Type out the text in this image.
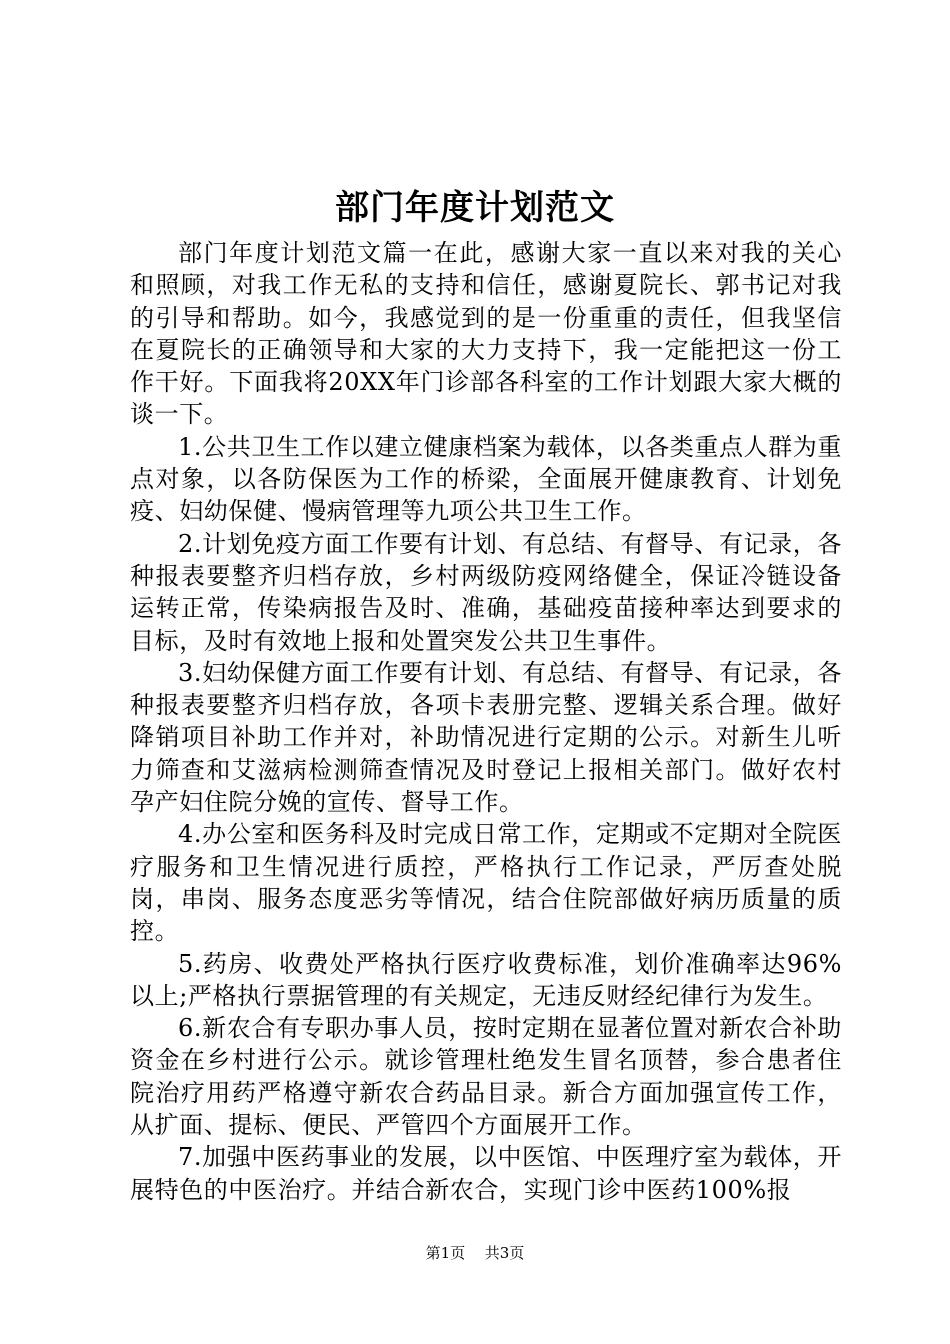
部门年度计划范文

部门年度计划范文篇一在此，感谢大家一直以来对我的关心和照顾，对我工作无私的支持和信任，感谢夏院长、郭书记对我的引导和帮助。如今，我感觉到的是一份重重的责任，但我坚信在夏院长的正确领导和大家的大力支持下，我一定能把这一份工作干好。下面我将20XX年门诊部各科室的工作计划跟大家大概的谈一下。

1.公共卫生工作以建立健康档案为载体，以各类重点人群为重点对象，以各防保医为工作的桥梁，全面展开健康教育、计划免疫、妇幼保健、慢病管理等九项公共卫生工作。

2.计划免疫方面工作要有计划、有总结、有督导、有记录，各种报表要整齐归档存放，乡村两级防疫网络健全，保证冷链设备运转正常，传染病报告及时、准确，基础疫苗接种率达到要求的目标，及时有效地上报和处置突发公共卫生事件。

3.妇幼保健方面工作要有计划、有总结、有督导、有记录，各种报表要整齐归档存放，各项卡表册完整、逻辑关系合理。做好降销项目补助工作并对，补助情况进行定期的公示。对新生儿听力筛查和艾滋病检测筛查情况及时登记上报相关部门。做好农村孕产妇住院分娩的宣传、督导工作。

4.办公室和医务科及时完成日常工作，定期或不定期对全院医疗服务和卫生情况进行质控，严格执行工作记录，严厉查处脱岗，串岗、服务态度恶劣等情况，结合住院部做好病历质量的质控。

5.药房、收费处严格执行医疗收费标准，划价准确率达96%以上;严格执行票据管理的有关规定，无违反财经纪律行为发生。

6.新农合有专职办事人员，按时定期在显著位置对新农合补助资金在乡村进行公示。就诊管理杜绝发生冒名顶替，参合患者住院治疗用药严格遵守新农合药品目录。新合方面加强宣传工作，从扩面、提标、便民、严管四个方面展开工作。

7.加强中医药事业的发展，以中医馆、中医理疗室为载体，开展特色的中医治疗。并结合新农合，实现门诊中医药100%报

第1页 共3页
